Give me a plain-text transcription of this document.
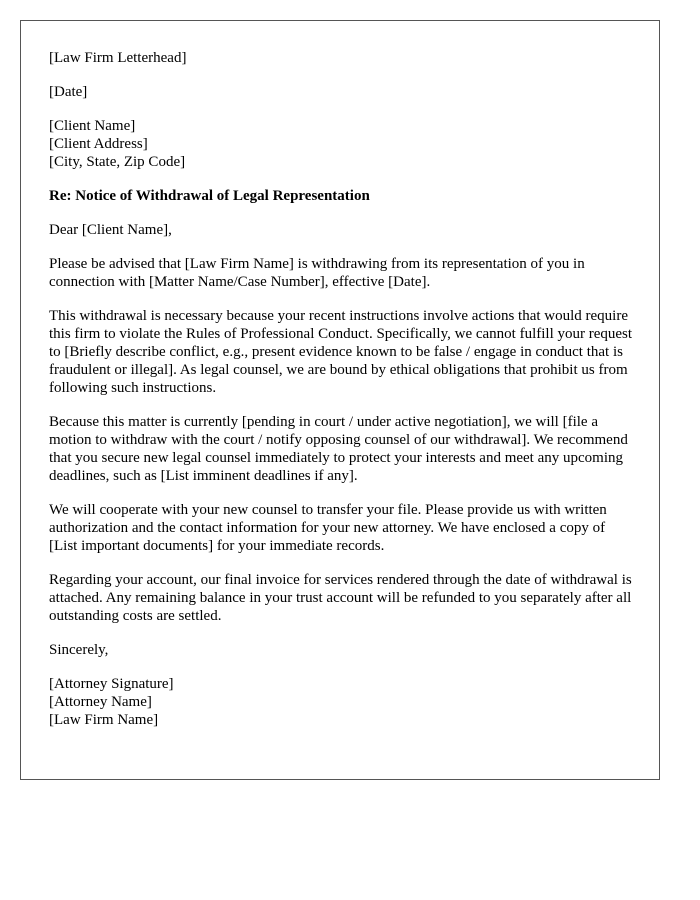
[Law Firm Letterhead]
[Date]
[Client Name]
[Client Address]
[City, State, Zip Code]
Re: Notice of Withdrawal of Legal Representation
Dear [Client Name],

Please be advised that [Law Firm Name] is withdrawing from its representation of you in connection with [Matter Name/Case Number], effective [Date].

This withdrawal is necessary because your recent instructions involve actions that would require this firm to violate the Rules of Professional Conduct. Specifically, we cannot fulfill your request to [Briefly describe conflict, e.g., present evidence known to be false / engage in conduct that is fraudulent or illegal]. As legal counsel, we are bound by ethical obligations that prohibit us from following such instructions.

Because this matter is currently [pending in court / under active negotiation], we will [file a motion to withdraw with the court / notify opposing counsel of our withdrawal]. We recommend that you secure new legal counsel immediately to protect your interests and meet any upcoming deadlines, such as [List imminent deadlines if any].

We will cooperate with your new counsel to transfer your file. Please provide us with written authorization and the contact information for your new attorney. We have enclosed a copy of [List important documents] for your immediate records.

Regarding your account, our final invoice for services rendered through the date of withdrawal is attached. Any remaining balance in your trust account will be refunded to you separately after all outstanding costs are settled.

Sincerely,
[Attorney Signature]
[Attorney Name]
[Law Firm Name]
